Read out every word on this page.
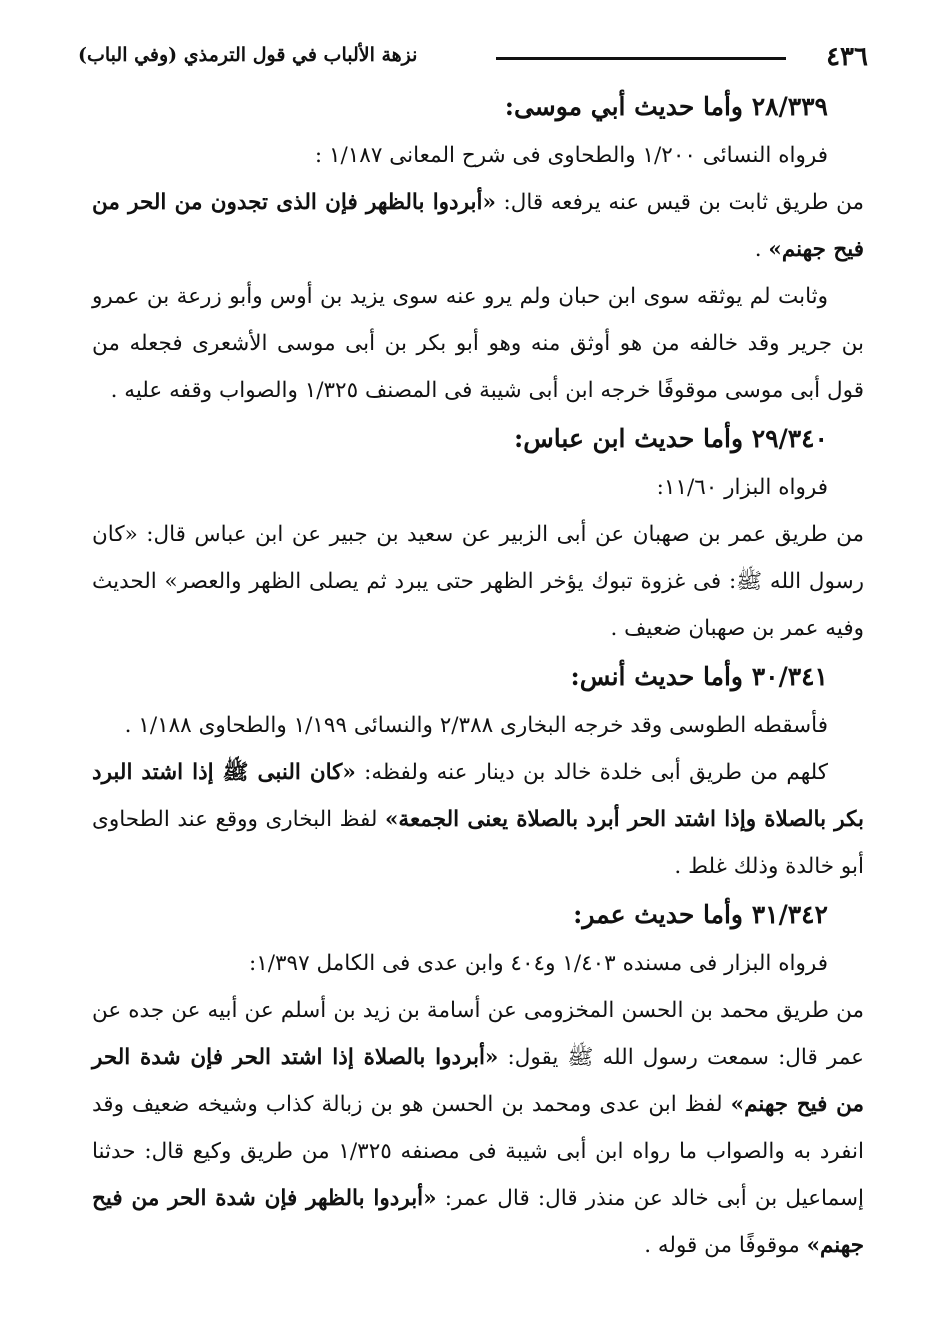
٤٣٦
نزهة الألباب في قول الترمذي (وفي الباب)
٢٨/٣٣٩ وأما حديث أبي موسى:

فرواه النسائى ١/٢٠٠ والطحاوى فى شرح المعانى ١/١٨٧ :

من طريق ثابت بن قيس عنه يرفعه قال: «أبردوا بالظهر فإن الذى تجدون من الحر من فيح جهنم» .

وثابت لم يوثقه سوى ابن حبان ولم يرو عنه سوى يزيد بن أوس وأبو زرعة بن عمرو بن جرير وقد خالفه من هو أوثق منه وهو أبو بكر بن أبى موسى الأشعرى فجعله من قول أبى موسى موقوفًا خرجه ابن أبى شيبة فى المصنف ١/٣٢٥ والصواب وقفه عليه .

٢٩/٣٤٠ وأما حديث ابن عباس:

فرواه البزار ١١/٦٠:

من طريق عمر بن صهبان عن أبى الزبير عن سعيد بن جبير عن ابن عباس قال: «كان رسول الله ﷺ: فى غزوة تبوك يؤخر الظهر حتى يبرد ثم يصلى الظهر والعصر» الحديث وفيه عمر بن صهبان ضعيف .

٣٠/٣٤١ وأما حديث أنس:

فأسقطه الطوسى وقد خرجه البخارى ٢/٣٨٨ والنسائى ١/١٩٩ والطحاوى ١/١٨٨ .

كلهم من طريق أبى خلدة خالد بن دينار عنه ولفظه: «كان النبى ﷺ إذا اشتد البرد بكر بالصلاة وإذا اشتد الحر أبرد بالصلاة يعنى الجمعة» لفظ البخارى ووقع عند الطحاوى أبو خالدة وذلك غلط .

٣١/٣٤٢ وأما حديث عمر:

فرواه البزار فى مسنده ١/٤٠٣ و٤٠٤ وابن عدى فى الكامل ١/٣٩٧:

من طريق محمد بن الحسن المخزومى عن أسامة بن زيد بن أسلم عن أبيه عن جده عن عمر قال: سمعت رسول الله ﷺ يقول: «أبردوا بالصلاة إذا اشتد الحر فإن شدة الحر من فيح جهنم» لفظ ابن عدى ومحمد بن الحسن هو بن زبالة كذاب وشيخه ضعيف وقد انفرد به والصواب ما رواه ابن أبى شيبة فى مصنفه ١/٣٢٥ من طريق وكيع قال: حدثنا إسماعيل بن أبى خالد عن منذر قال: قال عمر: «أبردوا بالظهر فإن شدة الحر من فيح جهنم» موقوفًا من قوله .
